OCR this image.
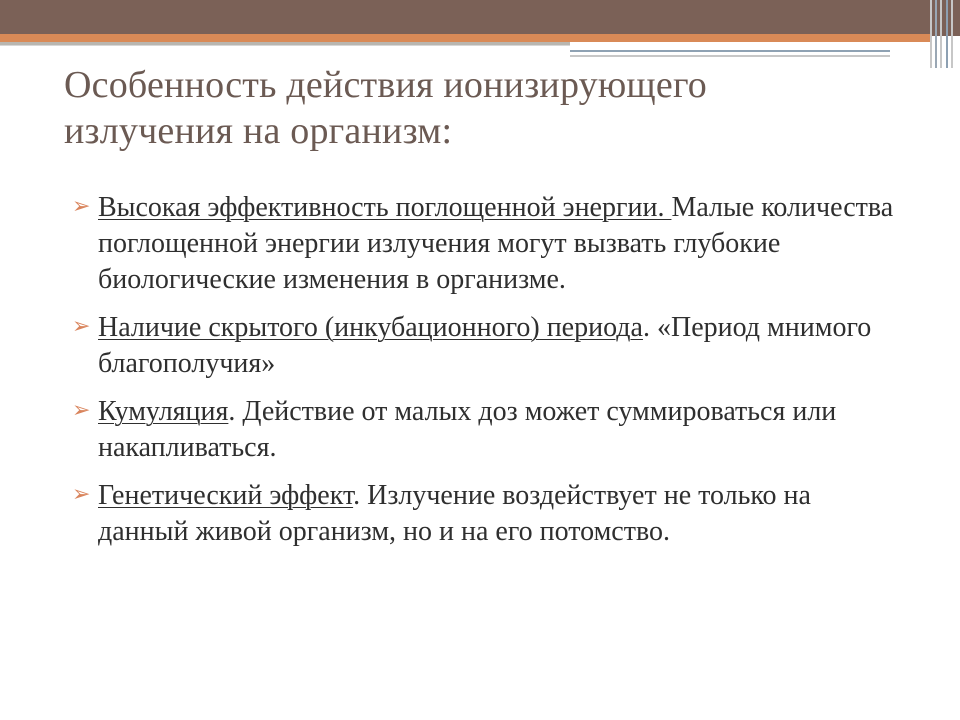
Особенность действия ионизирующего
излучения на организм:
➢ Высокая эффективность поглощенной энергии. Малые количества поглощенной энергии излучения могут вызвать глубокие биологические изменения в организме.
➢ Наличие скрытого (инкубационного) периода. «Период мнимого благополучия»
➢ Кумуляция. Действие от малых доз может суммироваться или накапливаться.
➢ Генетический эффект. Излучение воздействует не только на данный живой организм, но и на его потомство.
